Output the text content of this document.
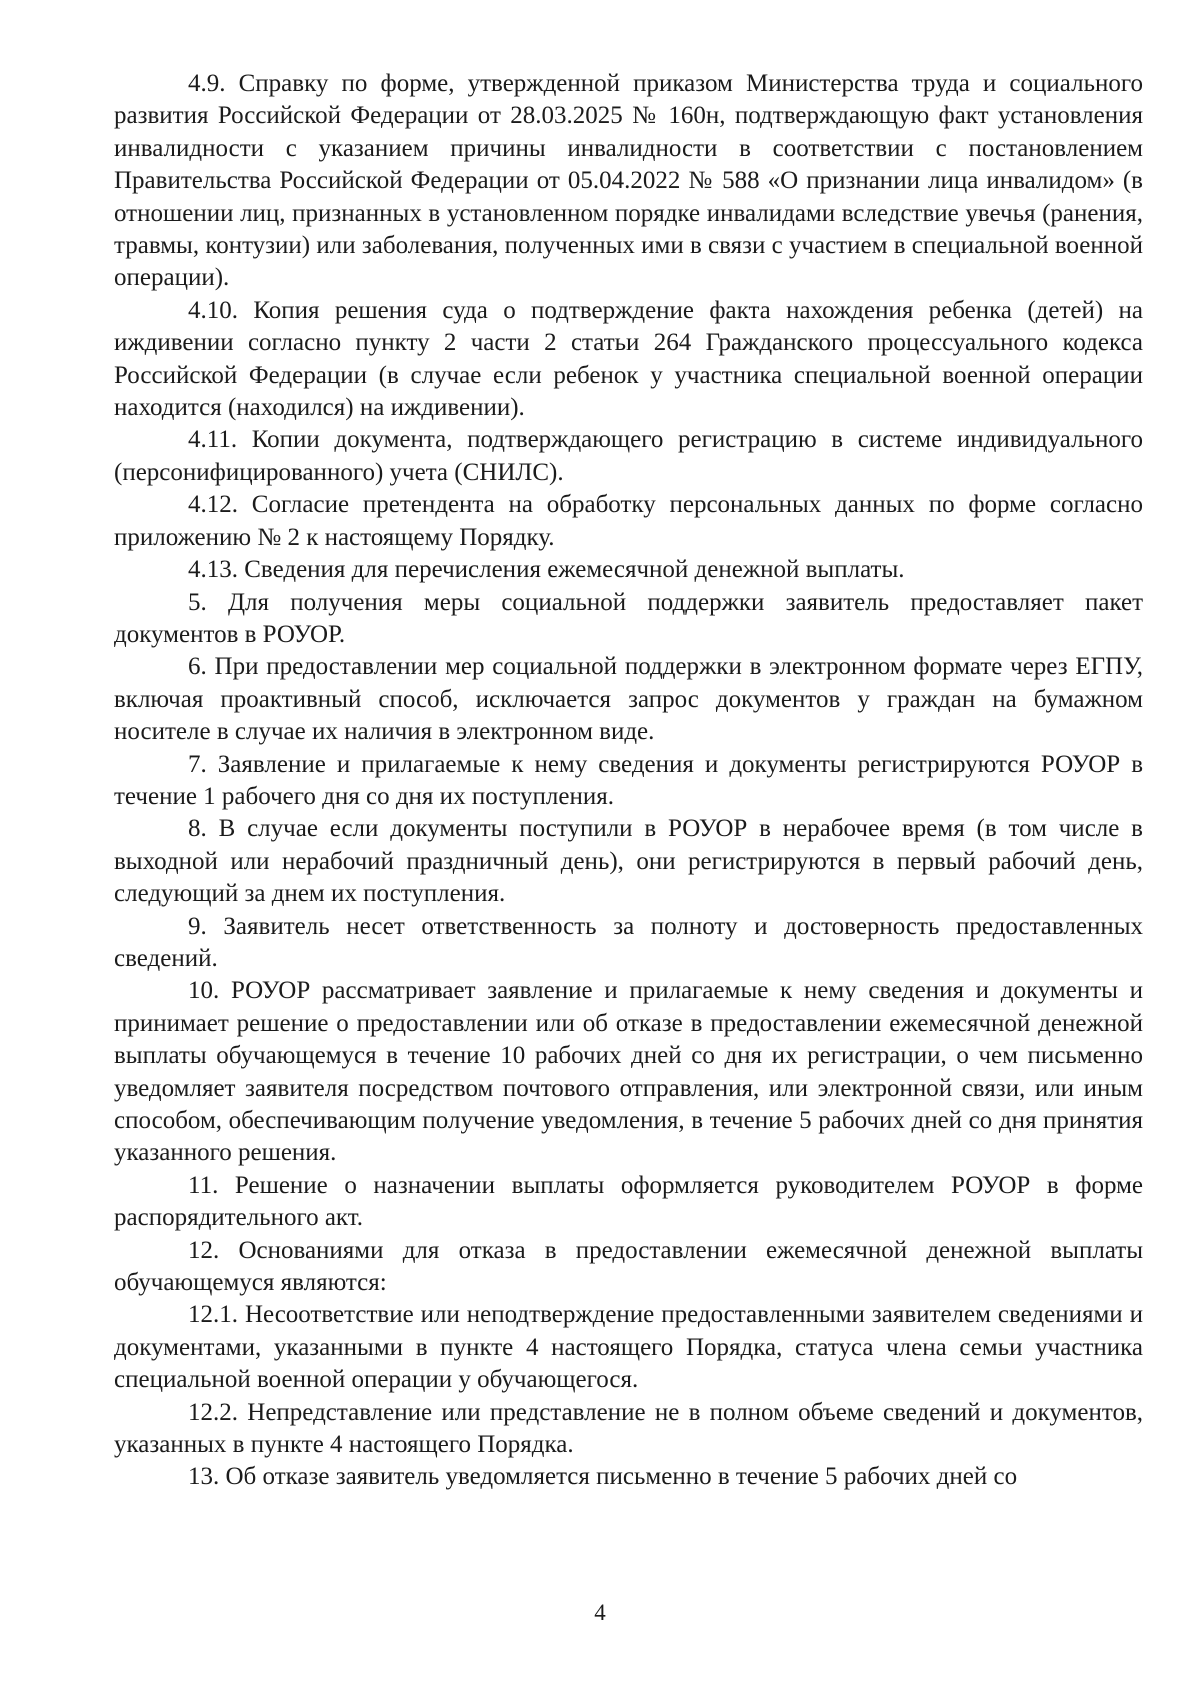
4.9. Справку по форме, утвержденной приказом Министерства труда и социального развития Российской Федерации от 28.03.2025 № 160н, подтверждающую факт установления инвалидности с указанием причины инвалидности в соответствии с постановлением Правительства Российской Федерации от 05.04.2022 № 588 «О признании лица инвалидом» (в отношении лиц, признанных в установленном порядке инвалидами вследствие увечья (ранения, травмы, контузии) или заболевания, полученных ими в связи с участием в специальной военной операции).

4.10. Копия решения суда о подтверждение факта нахождения ребенка (детей) на иждивении согласно пункту 2 части 2 статьи 264 Гражданского процессуального кодекса Российской Федерации (в случае если ребенок у участника специальной военной операции находится (находился) на иждивении).

4.11. Копии документа, подтверждающего регистрацию в системе индивидуального (персонифицированного) учета (СНИЛС).

4.12. Согласие претендента на обработку персональных данных по форме согласно приложению № 2 к настоящему Порядку.

4.13. Сведения для перечисления ежемесячной денежной выплаты.

5. Для получения меры социальной поддержки заявитель предоставляет пакет документов в РОУОР.

6. При предоставлении мер социальной поддержки в электронном формате через ЕГПУ, включая проактивный способ, исключается запрос документов у граждан на бумажном носителе в случае их наличия в электронном виде.

7. Заявление и прилагаемые к нему сведения и документы регистрируются РОУОР в течение 1 рабочего дня со дня их поступления.

8. В случае если документы поступили в РОУОР в нерабочее время (в том числе в выходной или нерабочий праздничный день), они регистрируются в первый рабочий день, следующий за днем их поступления.

9. Заявитель несет ответственность за полноту и достоверность предоставленных сведений.

10. РОУОР рассматривает заявление и прилагаемые к нему сведения и документы и принимает решение о предоставлении или об отказе в предоставлении ежемесячной денежной выплаты обучающемуся в течение 10 рабочих дней со дня их регистрации, о чем письменно уведомляет заявителя посредством почтового отправления, или электронной связи, или иным способом, обеспечивающим получение уведомления, в течение 5 рабочих дней со дня принятия указанного решения.

11. Решение о назначении выплаты оформляется руководителем РОУОР в форме распорядительного акт.

12. Основаниями для отказа в предоставлении ежемесячной денежной выплаты обучающемуся являются:

12.1. Несоответствие или неподтверждение предоставленными заявителем сведениями и документами, указанными в пункте 4 настоящего Порядка, статуса члена семьи участника специальной военной операции у обучающегося.

12.2. Непредставление или представление не в полном объеме сведений и документов, указанных в пункте 4 настоящего Порядка.

13. Об отказе заявитель уведомляется письменно в течение 5 рабочих дней со

4
